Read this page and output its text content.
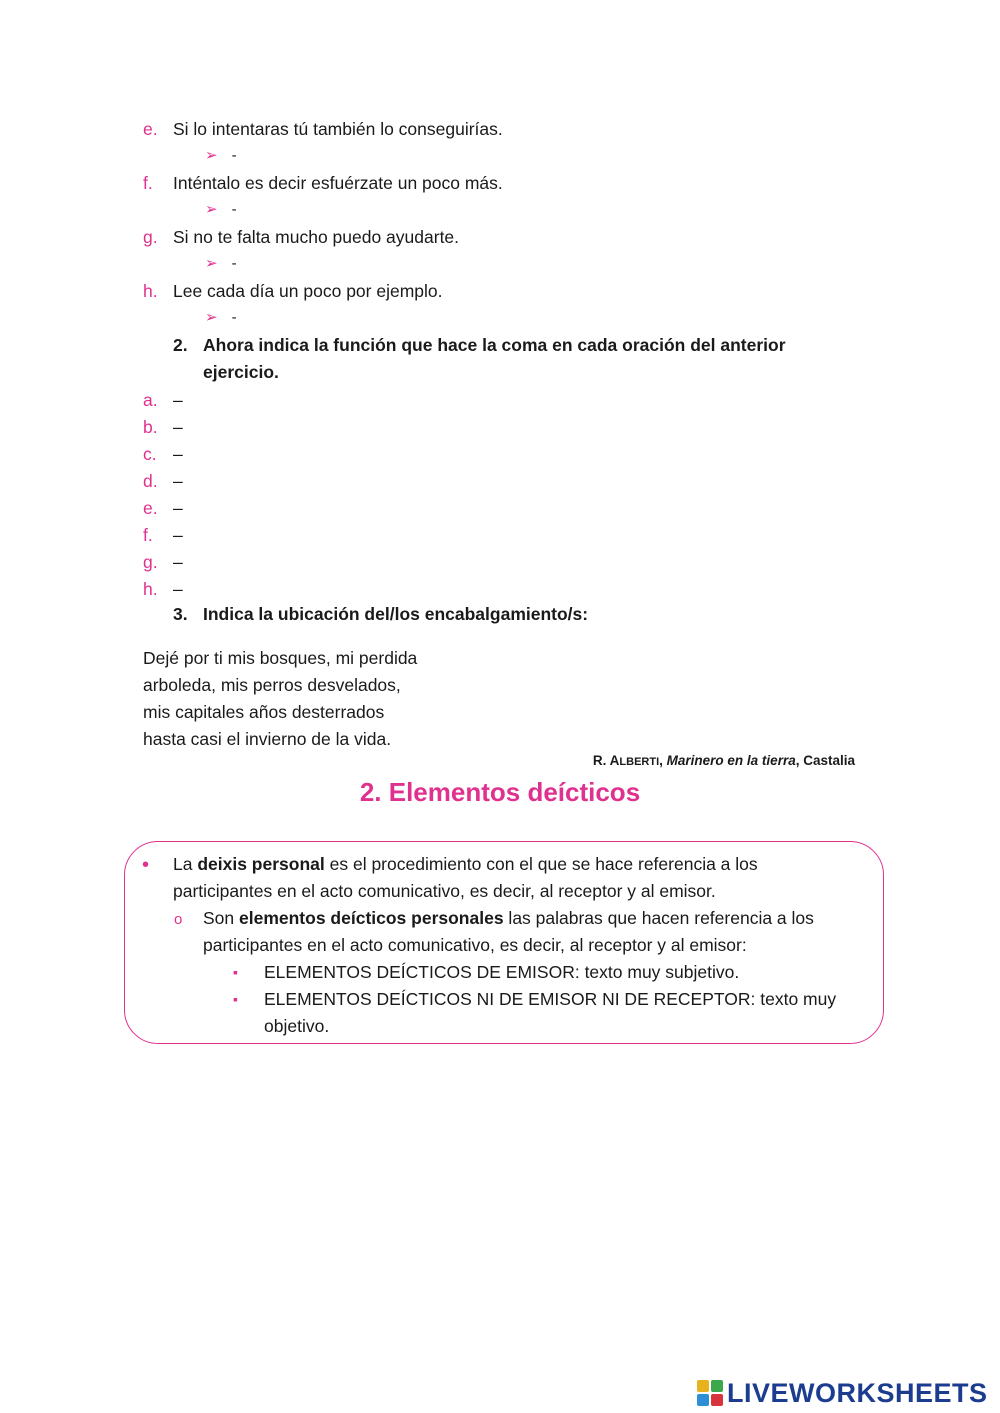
e. Si lo intentaras tú también lo conseguirías.
➢ -
f. Inténtalo es decir esfuérzate un poco más.
➢ -
g. Si no te falta mucho puedo ayudarte.
➢ -
h. Lee cada día un poco por ejemplo.
➢ -
2. Ahora indica la función que hace la coma en cada oración del anterior ejercicio.
a. –
b. –
c. –
d. –
e. –
f. –
g. –
h. –
3. Indica la ubicación del/los encabalgamiento/s:
Dejé por ti mis bosques, mi perdida
arboleda, mis perros desvelados,
mis capitales años desterrados
hasta casi el invierno de la vida.
R. ALBERTI, Marinero en la tierra, Castalia
2. Elementos deícticos
• La deixis personal es el procedimiento con el que se hace referencia a los
participantes en el acto comunicativo, es decir, al receptor y al emisor.
o Son elementos deícticos personales las palabras que hacen referencia a los
participantes en el acto comunicativo, es decir, al receptor y al emisor:
▪ ELEMENTOS DEÍCTICOS DE EMISOR: texto muy subjetivo.
▪ ELEMENTOS DEÍCTICOS NI DE EMISOR NI DE RECEPTOR: texto muy
objetivo.
LIVEWORKSHEETS
